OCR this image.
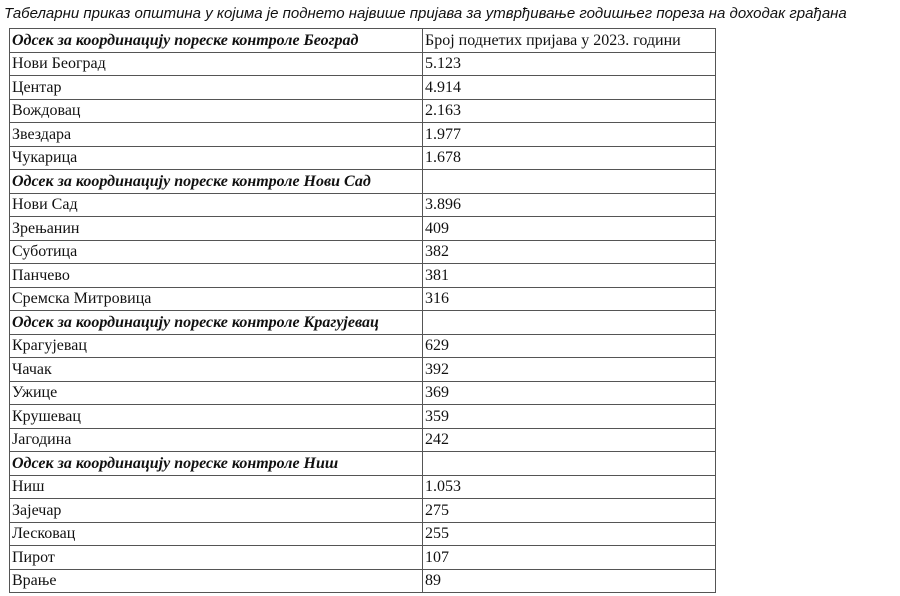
Табеларни приказ општина у којима је поднето највише пријава за утврђивање годишњег пореза на доходак грађана
Одсек за координацију пореске контроле Београд	Број поднетих пријава у 2023. години
Нови Београд	5.123
Центар	4.914
Вождовац	2.163
Звездара	1.977
Чукарица	1.678
Одсек за координацију пореске контроле Нови Сад	
Нови Сад	3.896
Зрењанин	409
Суботица	382
Панчево	381
Сремска Митровица	316
Одсек за координацију пореске контроле Крагујевац	
Крагујевац	629
Чачак	392
Ужице	369
Крушевац	359
Јагодина	242
Одсек за координацију пореске контроле Ниш	
Ниш	1.053
Зајечар	275
Лесковац	255
Пирот	107
Врање	89
